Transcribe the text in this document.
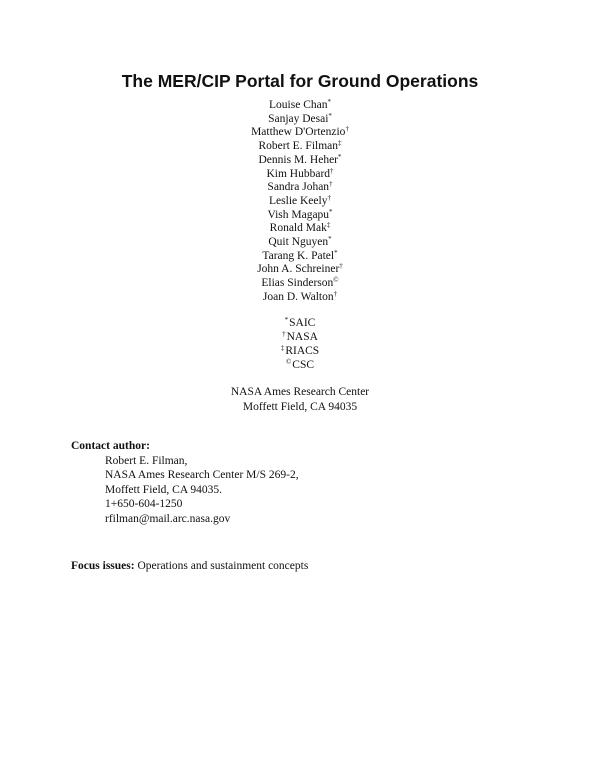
The MER/CIP Portal for Ground Operations
Louise Chan*
Sanjay Desai*
Matthew D'Ortenzio†
Robert E. Filman‡
Dennis M. Heher*
Kim Hubbard†
Sandra Johan†
Leslie Keely†
Vish Magapu*
Ronald Mak‡
Quit Nguyen*
Tarang K. Patel*
John A. Schreiner†
Elias Sinderson©
Joan D. Walton†
*SAIC
†NASA
‡RIACS
©CSC
NASA Ames Research Center
Moffett Field, CA 94035
Contact author:
Robert E. Filman,
NASA Ames Research Center M/S 269-2,
Moffett Field, CA 94035.
1+650-604-1250
rfilman@mail.arc.nasa.gov
Focus issues: Operations and sustainment concepts
